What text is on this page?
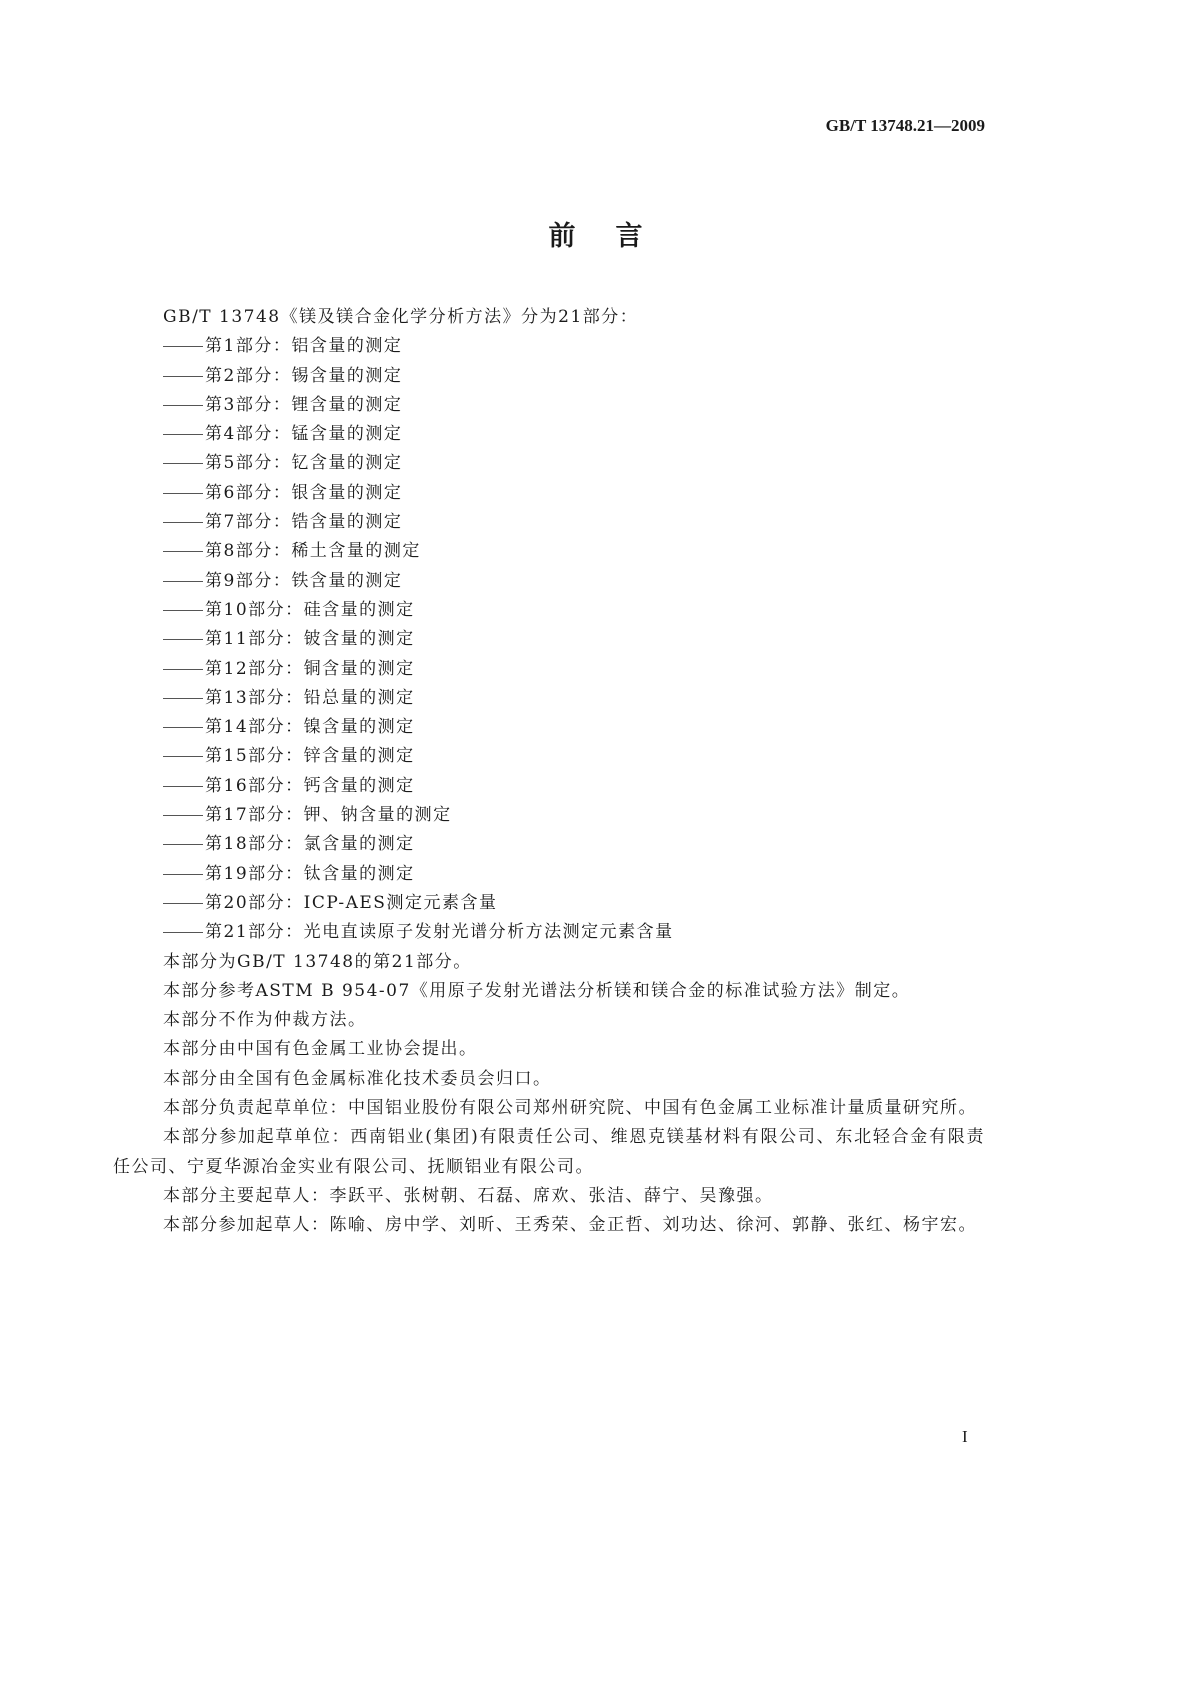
GB/T 13748.21—2009
前言

GB/T 13748《镁及镁合金化学分析方法》分为21部分：

第1部分：铝含量的测定

第2部分：锡含量的测定

第3部分：锂含量的测定

第4部分：锰含量的测定

第5部分：钇含量的测定

第6部分：银含量的测定

第7部分：锆含量的测定

第8部分：稀土含量的测定

第9部分：铁含量的测定

第10部分：硅含量的测定

第11部分：铍含量的测定

第12部分：铜含量的测定

第13部分：铅总量的测定

第14部分：镍含量的测定

第15部分：锌含量的测定

第16部分：钙含量的测定

第17部分：钾、钠含量的测定

第18部分：氯含量的测定

第19部分：钛含量的测定

第20部分：ICP-AES测定元素含量

第21部分：光电直读原子发射光谱分析方法测定元素含量

本部分为GB/T 13748的第21部分。

本部分参考ASTM B 954-07《用原子发射光谱法分析镁和镁合金的标准试验方法》制定。

本部分不作为仲裁方法。

本部分由中国有色金属工业协会提出。

本部分由全国有色金属标准化技术委员会归口。

本部分负责起草单位：中国铝业股份有限公司郑州研究院、中国有色金属工业标准计量质量研究所。

本部分参加起草单位：西南铝业(集团)有限责任公司、维恩克镁基材料有限公司、东北轻合金有限责任公司、宁夏华源冶金实业有限公司、抚顺铝业有限公司。

本部分主要起草人：李跃平、张树朝、石磊、席欢、张洁、薛宁、吴豫强。

本部分参加起草人：陈喻、房中学、刘昕、王秀荣、金正哲、刘功达、徐河、郭静、张红、杨宇宏。

I
